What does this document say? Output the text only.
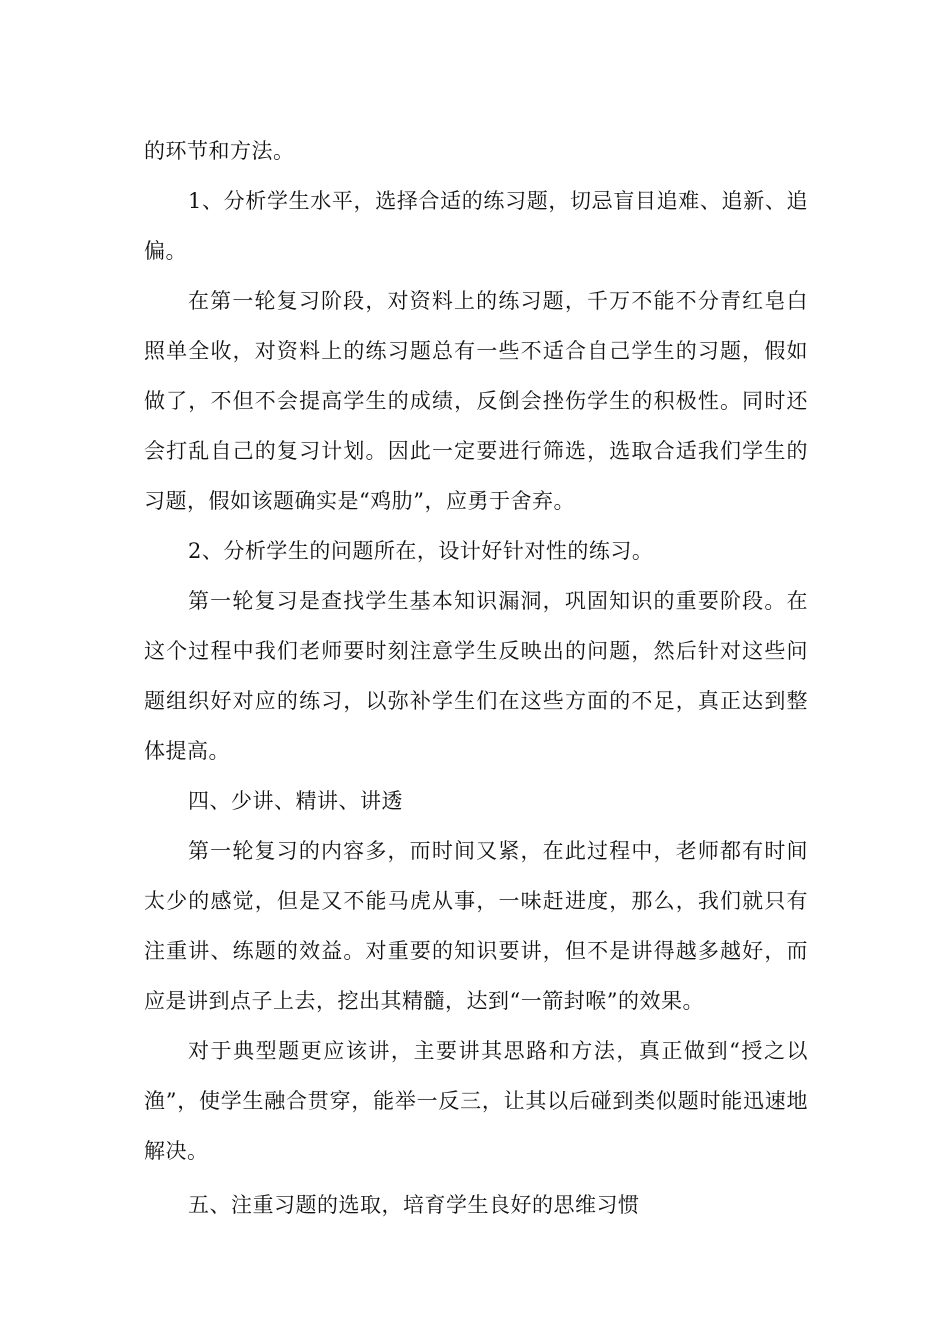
的环节和方法。

1、分析学生水平，选择合适的练习题，切忌盲目追难、追新、追偏。

在第一轮复习阶段，对资料上的练习题，千万不能不分青红皂白照单全收，对资料上的练习题总有一些不适合自己学生的习题，假如做了，不但不会提高学生的成绩，反倒会挫伤学生的积极性。同时还会打乱自己的复习计划。因此一定要进行筛选，选取合适我们学生的习题，假如该题确实是“鸡肋”，应勇于舍弃。

2、分析学生的问题所在，设计好针对性的练习。

第一轮复习是查找学生基本知识漏洞，巩固知识的重要阶段。在这个过程中我们老师要时刻注意学生反映出的问题，然后针对这些问题组织好对应的练习，以弥补学生们在这些方面的不足，真正达到整体提高。

四、少讲、精讲、讲透

第一轮复习的内容多，而时间又紧，在此过程中，老师都有时间太少的感觉，但是又不能马虎从事，一味赶进度，那么，我们就只有注重讲、练题的效益。对重要的知识要讲，但不是讲得越多越好，而应是讲到点子上去，挖出其精髓，达到“一箭封喉”的效果。

对于典型题更应该讲，主要讲其思路和方法，真正做到“授之以渔”，使学生融合贯穿，能举一反三，让其以后碰到类似题时能迅速地解决。

五、注重习题的选取，培育学生良好的思维习惯
